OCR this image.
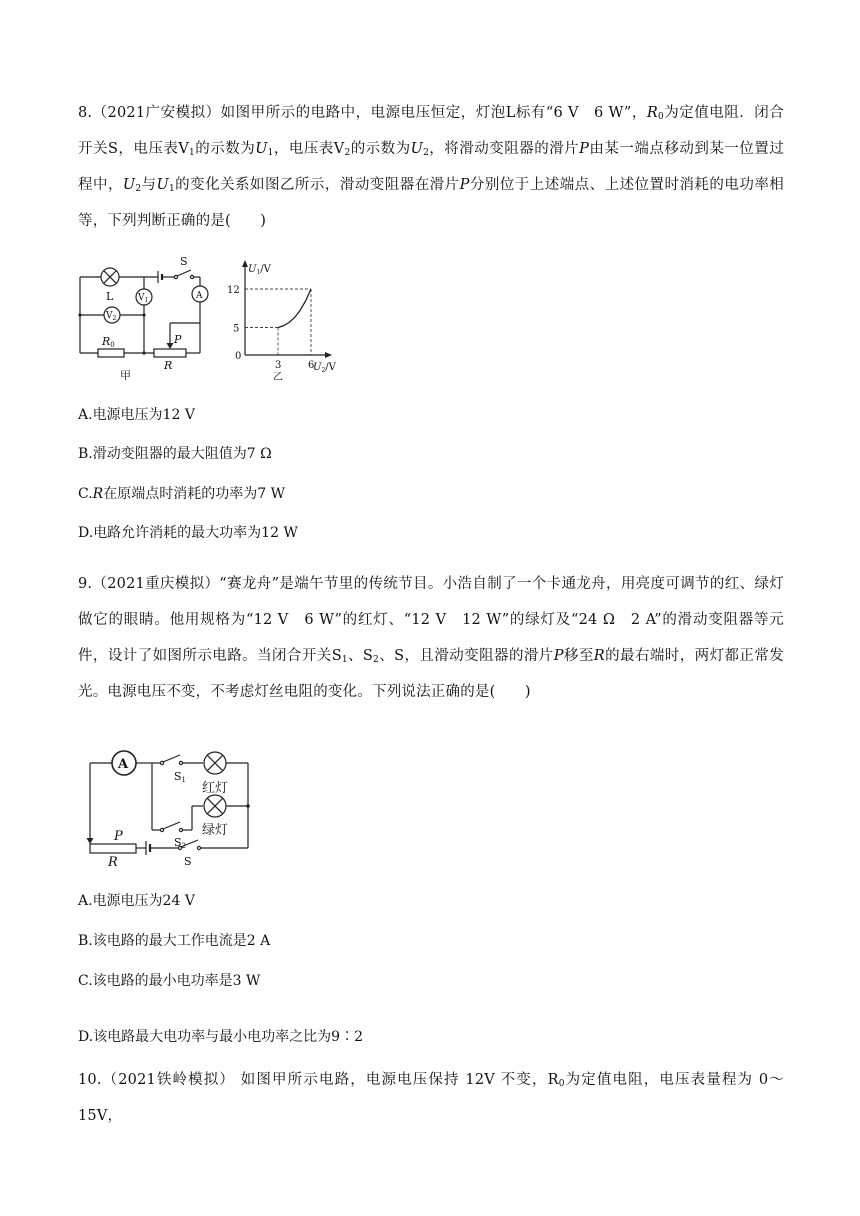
8.（2021广安模拟）如图甲所示的电路中，电源电压恒定，灯泡L标有“6 V　6 W”，$R_0$为定值电阻．闭合开关S，电压表$V_1$的示数为$U_1$，电压表$V_2$的示数为$U_2$，将滑动变阻器的滑片P由某一端点移动到某一位置过程中，$U_2$与$U_1$的变化关系如图乙所示，滑动变阻器在滑片P分别位于上述端点、上述位置时消耗的电功率相等，下列判断正确的是(　　)
L	$V_1$
$V_2$
A
S
R0	P
R
甲
$U_1/V$
$U_2/V$
12
5
0
3	6
乙
A.电源电压为12 V
B.滑动变阻器的最大阻值为7 Ω
C.R在原端点时消耗的功率为7 W
D.电路允许消耗的最大功率为12 W
9.（2021重庆模拟）“赛龙舟”是端午节里的传统节目。小浩自制了一个卡通龙舟，用亮度可调节的红、绿灯做它的眼睛。他用规格为“12 V　6 W”的红灯、“12 V　12 W”的绿灯及“24 Ω　2 A”的滑动变阻器等元件，设计了如图所示电路。当闭合开关$S_1$、$S_2$、S，且滑动变阻器的滑片P移至R的最右端时，两灯都正常发光。电源电压不变，不考虑灯丝电阻的变化。下列说法正确的是(　　)
A
S1
S2
红灯
绿灯
P
R	S
A.电源电压为24 V
B.该电路的最大工作电流是2 A
C.该电路的最小电功率是3 W
D.该电路最大电功率与最小电功率之比为9∶2
10.（2021铁岭模拟） 如图甲所示电路，电源电压保持 12V 不变，$R_0$为定值电阻，电压表量程为 0～15V，
